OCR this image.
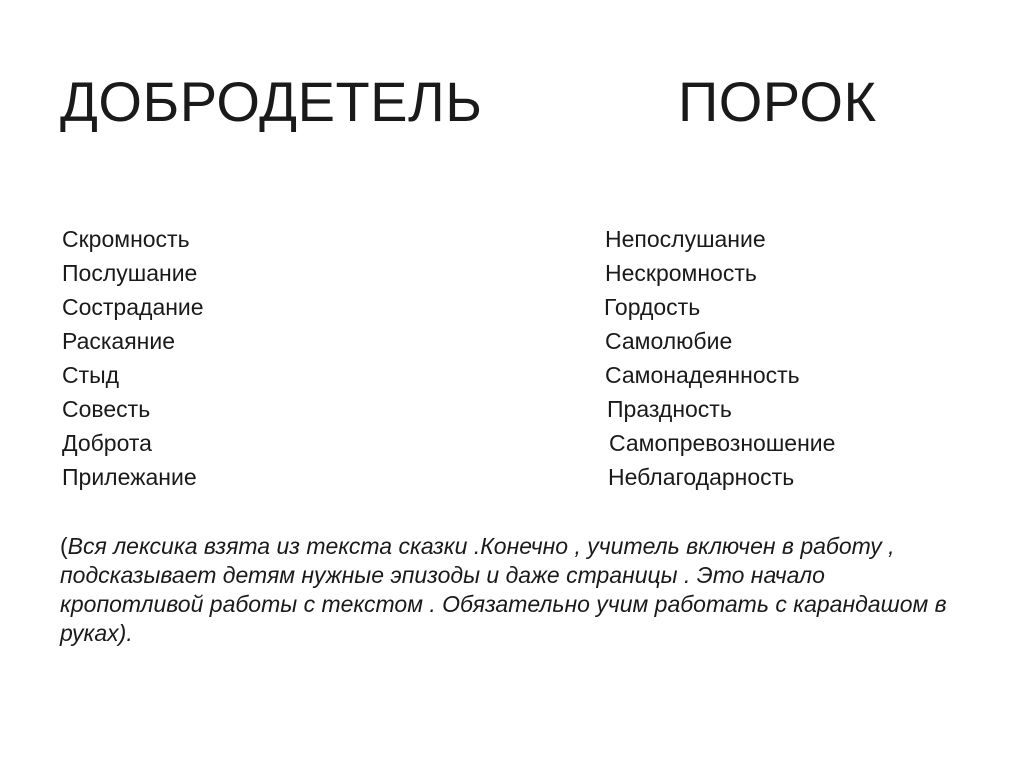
ДОБРОДЕТЕЛЬ	ПОРОК
Скромность
Послушание
Сострадание
Раскаяние
Стыд
Совесть
Доброта
Прилежание
Непослушание
Нескромность
Гордость
Самолюбие
Самонадеянность
Праздность
Самопревозношение
Неблагодарность

(Вся лексика взята из текста сказки .Конечно , учитель включен в работу , подсказывает детям нужные эпизоды и даже страницы . Это начало кропотливой работы с текстом . Обязательно учим работать с карандашом в руках).
